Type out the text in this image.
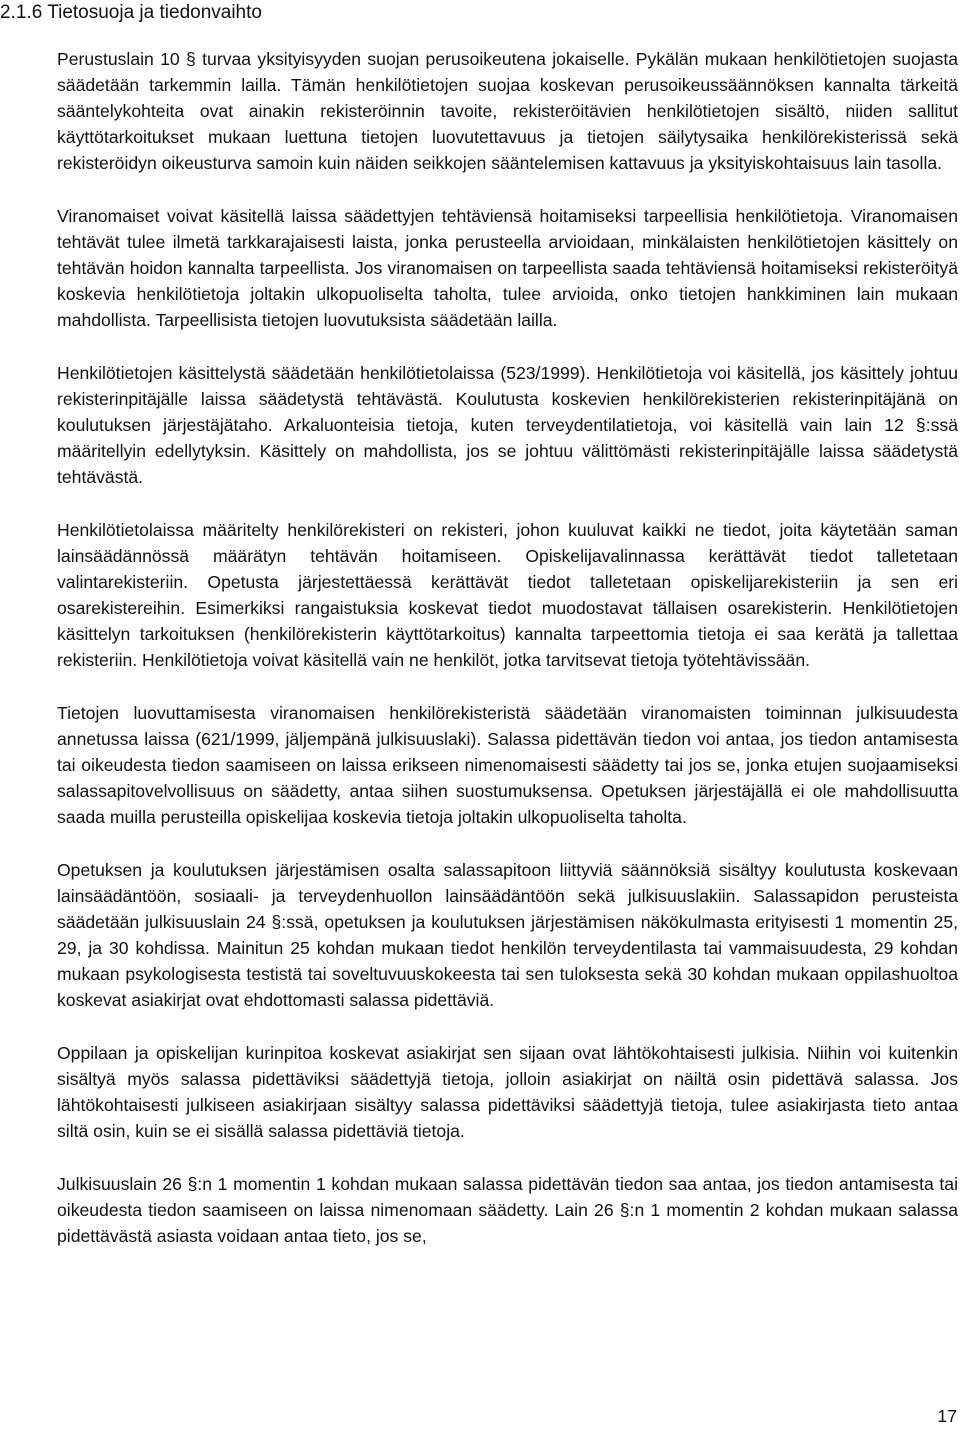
2.1.6 Tietosuoja ja tiedonvaihto

Perustuslain 10 § turvaa yksityisyyden suojan perusoikeutena jokaiselle. Pykälän mukaan henkilötietojen suojasta säädetään tarkemmin lailla. Tämän henkilötietojen suojaa koskevan perusoikeussäännöksen kannalta tärkeitä sääntelykohteita ovat ainakin rekisteröinnin tavoite, rekisteröitävien henkilötietojen sisältö, niiden sallitut käyttötarkoitukset mukaan luettuna tietojen luovutettavuus ja tietojen säilytysaika henkilörekisterissä sekä rekisteröidyn oikeusturva samoin kuin näiden seikkojen sääntelemisen kattavuus ja yksityiskohtaisuus lain tasolla.

Viranomaiset voivat käsitellä laissa säädettyjen tehtäviensä hoitamiseksi tarpeellisia henkilötietoja. Viranomaisen tehtävät tulee ilmetä tarkkarajaisesti laista, jonka perusteella arvioidaan, minkälaisten henkilötietojen käsittely on tehtävän hoidon kannalta tarpeellista. Jos viranomaisen on tarpeellista saada tehtäviensä hoitamiseksi rekisteröityä koskevia henkilötietoja joltakin ulkopuoliselta taholta, tulee arvioida, onko tietojen hankkiminen lain mukaan mahdollista. Tarpeellisista tietojen luovutuksista säädetään lailla.

Henkilötietojen käsittelystä säädetään henkilötietolaissa (523/1999). Henkilötietoja voi käsitellä, jos käsittely johtuu rekisterinpitäjälle laissa säädetystä tehtävästä. Koulutusta koskevien henkilörekisterien rekisterinpitäjänä on koulutuksen järjestäjätaho. Arkaluonteisia tietoja, kuten terveydentilatietoja, voi käsitellä vain lain 12 §:ssä määritellyin edellytyksin. Käsittely on mahdollista, jos se johtuu välittömästi rekisterinpitäjälle laissa säädetystä tehtävästä.

Henkilötietolaissa määritelty henkilörekisteri on rekisteri, johon kuuluvat kaikki ne tiedot, joita käytetään saman lainsäädännössä määrätyn tehtävän hoitamiseen. Opiskelijavalinnassa kerättävät tiedot talletetaan valintarekisteriin. Opetusta järjestettäessä kerättävät tiedot talletetaan opiskelijarekisteriin ja sen eri osarekistereihin. Esimerkiksi rangaistuksia koskevat tiedot muodostavat tällaisen osarekisterin. Henkilötietojen käsittelyn tarkoituksen (henkilörekisterin käyttötarkoitus) kannalta tarpeettomia tietoja ei saa kerätä ja tallettaa rekisteriin. Henkilötietoja voivat käsitellä vain ne henkilöt, jotka tarvitsevat tietoja työtehtävissään.

Tietojen luovuttamisesta viranomaisen henkilörekisteristä säädetään viranomaisten toiminnan julkisuudesta annetussa laissa (621/1999, jäljempänä julkisuuslaki). Salassa pidettävän tiedon voi antaa, jos tiedon antamisesta tai oikeudesta tiedon saamiseen on laissa erikseen nimenomaisesti säädetty tai jos se, jonka etujen suojaamiseksi salassapitovelvollisuus on säädetty, antaa siihen suostumuksensa. Opetuksen järjestäjällä ei ole mahdollisuutta saada muilla perusteilla opiskelijaa koskevia tietoja joltakin ulkopuoliselta taholta.

Opetuksen ja koulutuksen järjestämisen osalta salassapitoon liittyviä säännöksiä sisältyy koulutusta koskevaan lainsäädäntöön, sosiaali- ja terveydenhuollon lainsäädäntöön sekä julkisuuslakiin. Salassapidon perusteista säädetään julkisuuslain 24 §:ssä, opetuksen ja koulutuksen järjestämisen näkökulmasta erityisesti 1 momentin 25, 29, ja 30 kohdissa. Mainitun 25 kohdan mukaan tiedot henkilön terveydentilasta tai vammaisuudesta, 29 kohdan mukaan psykologisesta testistä tai soveltuvuuskokeesta tai sen tuloksesta sekä 30 kohdan mukaan oppilashuoltoa koskevat asiakirjat ovat ehdottomasti salassa pidettäviä.

Oppilaan ja opiskelijan kurinpitoa koskevat asiakirjat sen sijaan ovat lähtökohtaisesti julkisia. Niihin voi kuitenkin sisältyä myös salassa pidettäviksi säädettyjä tietoja, jolloin asiakirjat on näiltä osin pidettävä salassa. Jos lähtökohtaisesti julkiseen asiakirjaan sisältyy salassa pidettäviksi säädettyjä tietoja, tulee asiakirjasta tieto antaa siltä osin, kuin se ei sisällä salassa pidettäviä tietoja.

Julkisuuslain 26 §:n 1 momentin 1 kohdan mukaan salassa pidettävän tiedon saa antaa, jos tiedon antamisesta tai oikeudesta tiedon saamiseen on laissa nimenomaan säädetty. Lain 26 §:n 1 momentin 2 kohdan mukaan salassa pidettävästä asiasta voidaan antaa tieto, jos se,

17
